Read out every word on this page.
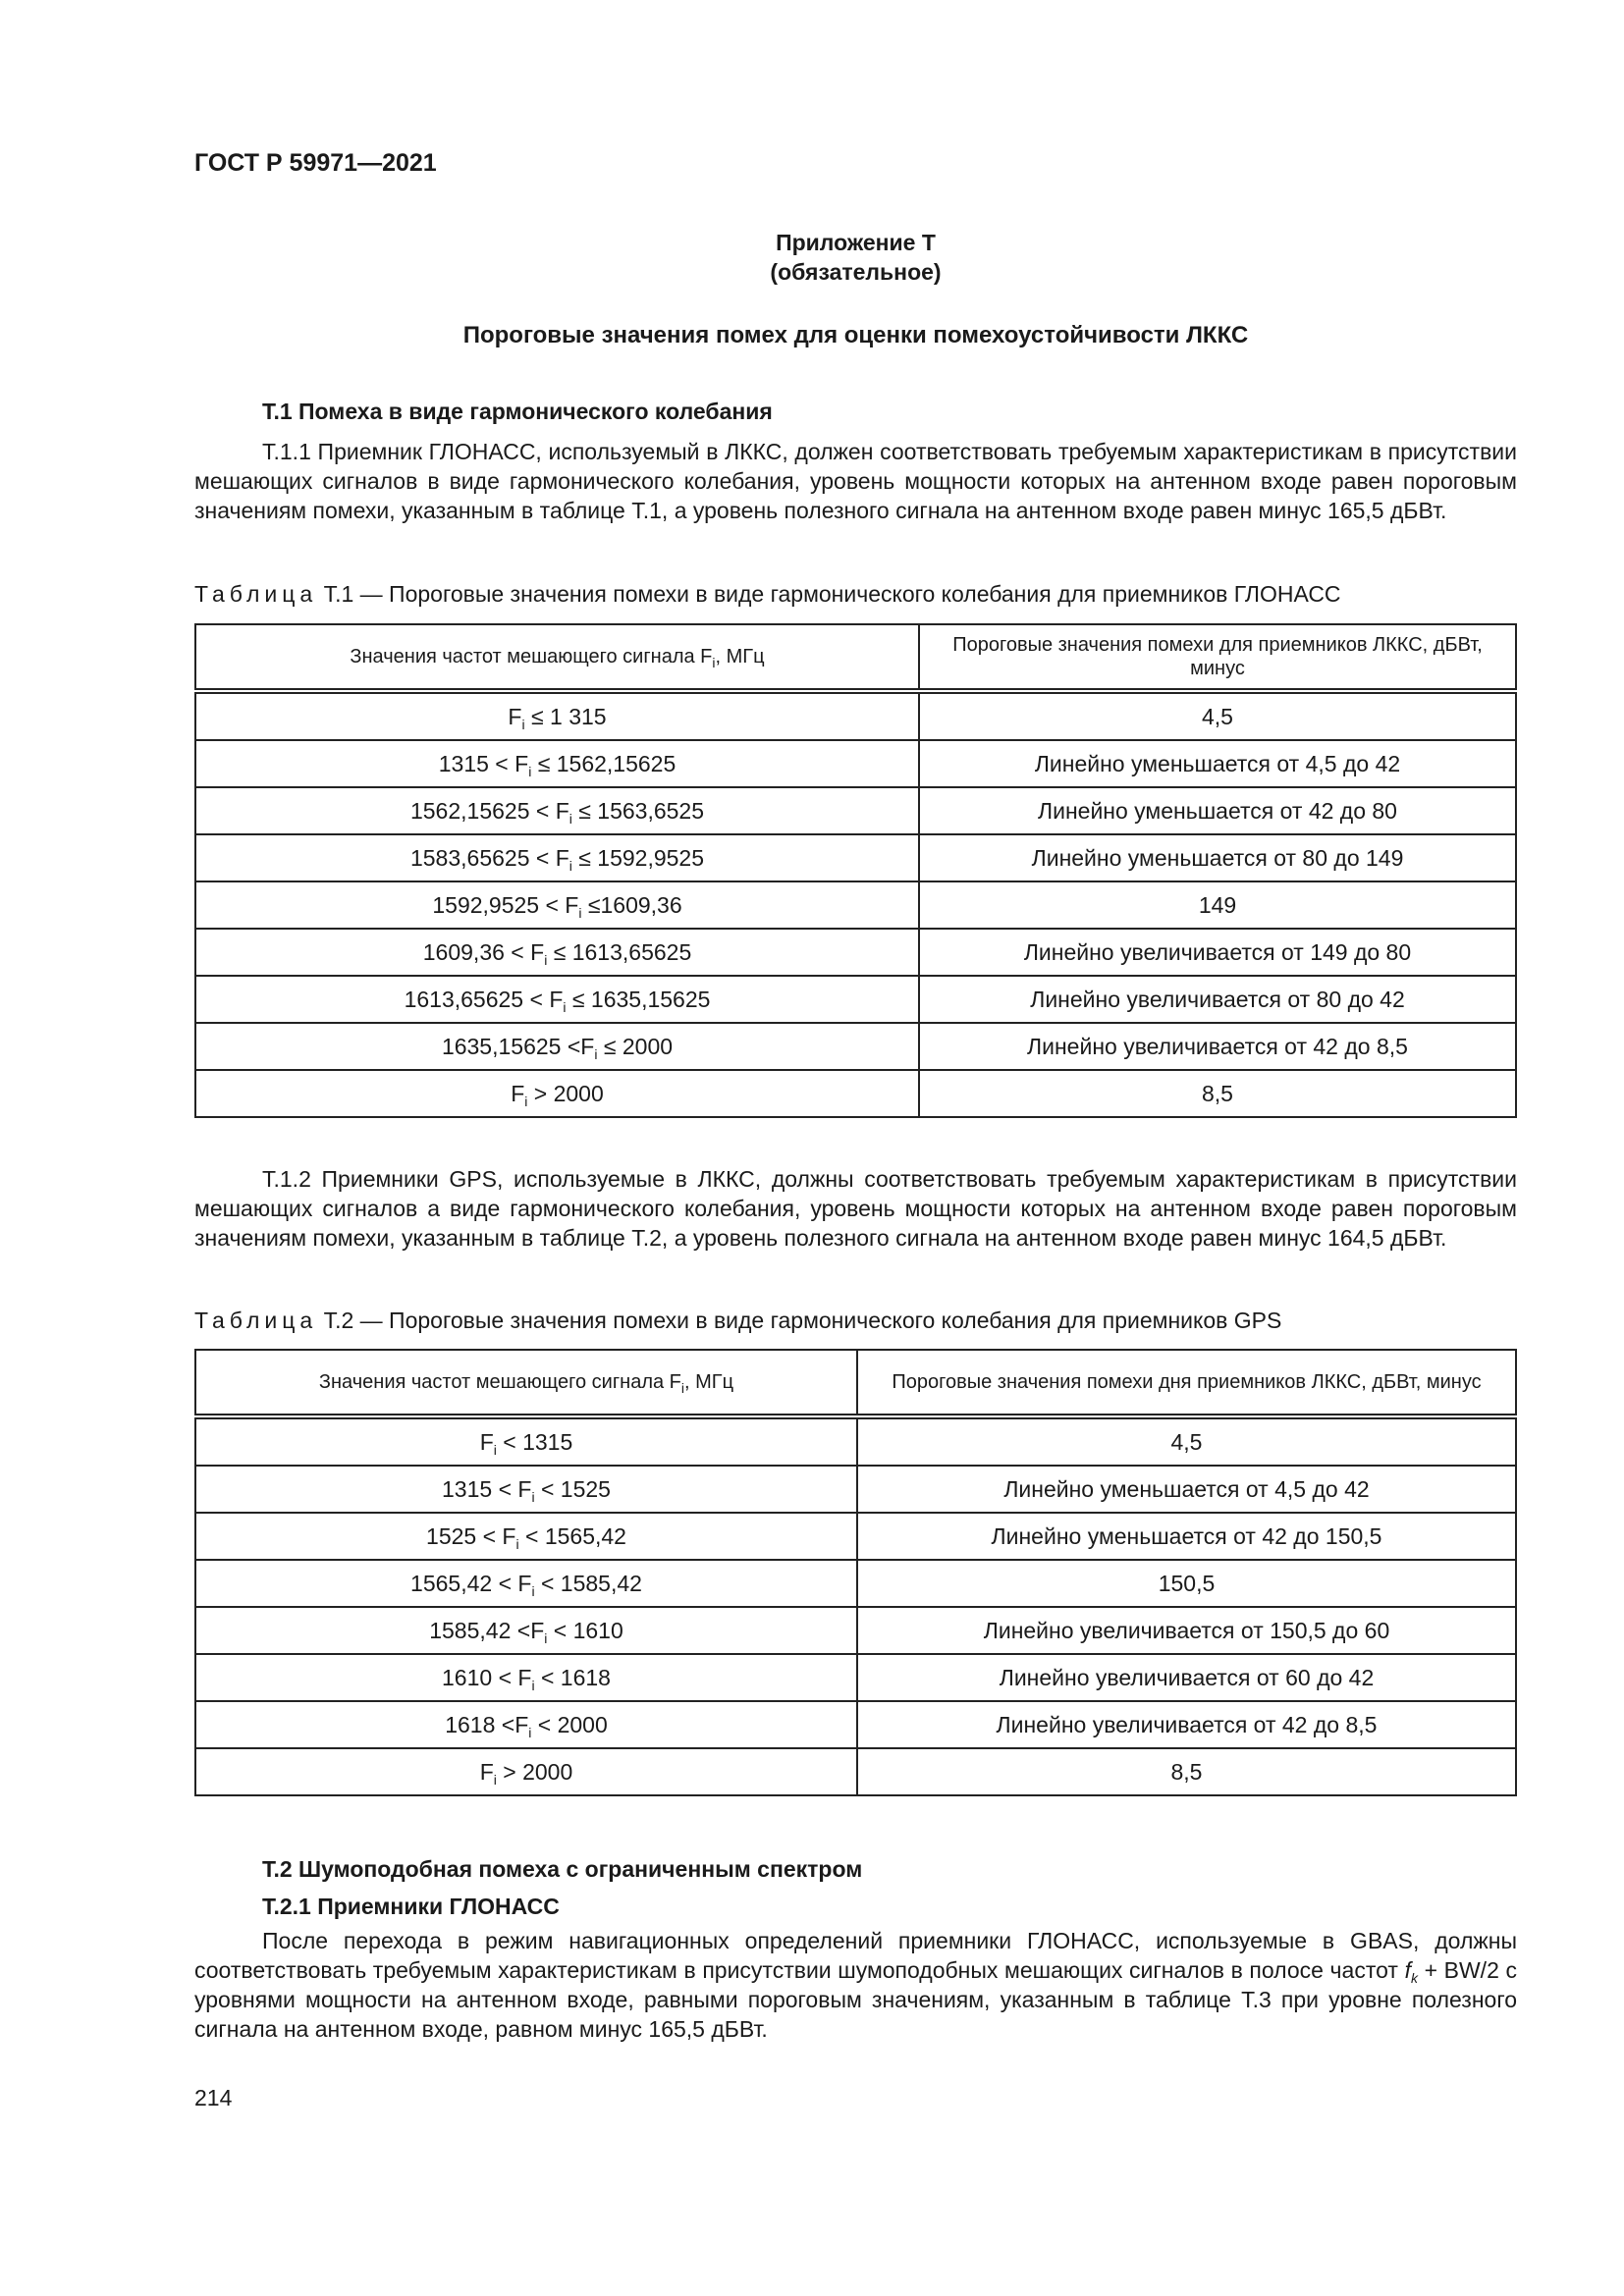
ГОСТ Р 59971—2021
Приложение Т
(обязательное)
Пороговые значения помех для оценки помехоустойчивости ЛККС
Т.1 Помеха в виде гармонического колебания
Т.1.1 Приемник ГЛОНАСС, используемый в ЛККС, должен соответствовать требуемым характеристикам в присутствии мешающих сигналов в виде гармонического колебания, уровень мощности которых на антенном входе равен пороговым значениям помехи, указанным в таблице Т.1, а уровень полезного сигнала на антенном входе равен минус 165,5 дБВт.
Таблица Т.1 — Пороговые значения помехи в виде гармонического колебания для приемников ГЛОНАСС
Значения частот мешающего сигнала $F_i$, МГц	Пороговые значения помехи для приемников ЛККС, дБВт, минус
$F_i \le 1$ 315	4,5
$1315 < F_i \le 1562,15625$	Линейно уменьшается от 4,5 до 42
$1562,15625 < F_i \le 1563,6525$	Линейно уменьшается от 42 до 80
$1583,65625 < F_i \le 1592,9525$	Линейно уменьшается от 80 до 149
$1592,9525 < F_i \le 1609,36$	149
$1609,36 < F_i \le 1613,65625$	Линейно увеличивается от 149 до 80
$1613,65625 < F_i \le 1635,15625$	Линейно увеличивается от 80 до 42
$1635,15625 <F_i \le 2000$	Линейно увеличивается от 42 до 8,5
$F_i > 2000$	8,5
Т.1.2 Приемники GPS, используемые в ЛККС, должны соответствовать требуемым характеристикам в присутствии мешающих сигналов а виде гармонического колебания, уровень мощности которых на антенном входе равен пороговым значениям помехи, указанным в таблице Т.2, а уровень полезного сигнала на антенном входе равен минус 164,5 дБВт.
Таблица Т.2 — Пороговые значения помехи в виде гармонического колебания для приемников GPS
Значения частот мешающего сигнала $F_i$, МГц	Пороговые значения помехи дня приемников ЛККС, дБВт, минус
$F_i < 1315$	4,5
$1315 < F_i < 1525$	Линейно уменьшается от 4,5 до 42
$1525 < F_i < 1565,42$	Линейно уменьшается от 42 до 150,5
$1565,42 < F_i < 1585,42$	150,5
$1585,42 <F_i < 1610$	Линейно увеличивается от 150,5 до 60
$1610 < F_i < 1618$	Линейно увеличивается от 60 до 42
$1618 <F_i < 2000$	Линейно увеличивается от 42 до 8,5
$F_i > 2000$	8,5
Т.2 Шумоподобная помеха с ограниченным спектром
Т.2.1 Приемники ГЛОНАСС
После перехода в режим навигационных определений приемники ГЛОНАСС, используемые в GBAS, должны соответствовать требуемым характеристикам в присутствии шумоподобных мешающих сигналов в полосе частот $f_k + BW/2$ с уровнями мощности на антенном входе, равными пороговым значениям, указанным в таблице Т.3 при уровне полезного сигнала на антенном входе, равном минус 165,5 дБВт.
214
